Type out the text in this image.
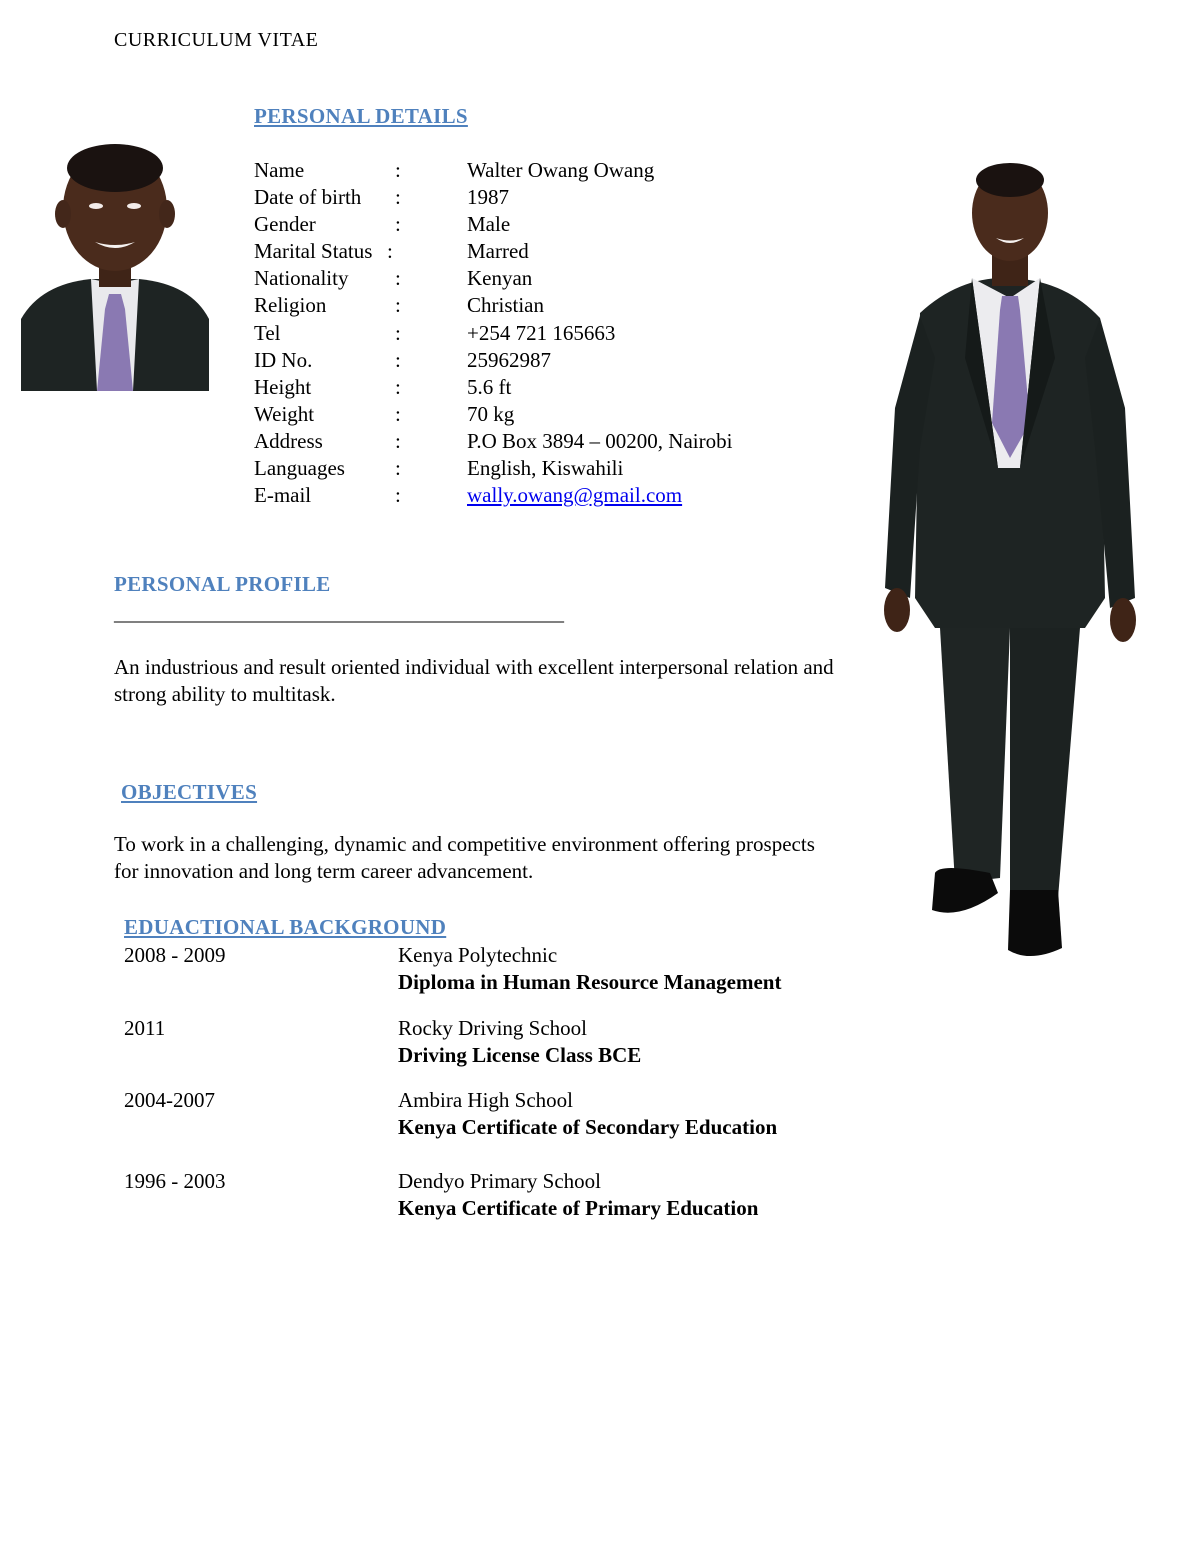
CURRICULUM VITAE
PERSONAL DETAILS
Name	:	Walter Owang Owang
Date of birth :	1987
Gender	:	Male
Marital Status :	Marred
Nationality :	Kenyan
Religion	:	Christian
Tel	:	+254 721 165663
ID No.	:	25962987
Height	:	5.6 ft
Weight	:	70 kg
Address	:	P.O Box 3894 – 00200, Nairobi
Languages :	English, Kiswahili
E-mail	:	wally.owang@gmail.com
PERSONAL PROFILE
________________________________________________________
An industrious and result oriented individual with excellent interpersonal relation and strong ability to multitask.
OBJECTIVES
To work in a challenging, dynamic and competitive environment offering prospects for innovation and long term career advancement.
EDUACTIONAL BACKGROUND
2008 - 2009	Kenya Polytechnic
Diploma in Human Resource Management
2011	Rocky Driving School
Driving License Class BCE
2004-2007	Ambira High School
Kenya Certificate of Secondary Education
1996 - 2003	Dendyo Primary School
Kenya Certificate of Primary Education
